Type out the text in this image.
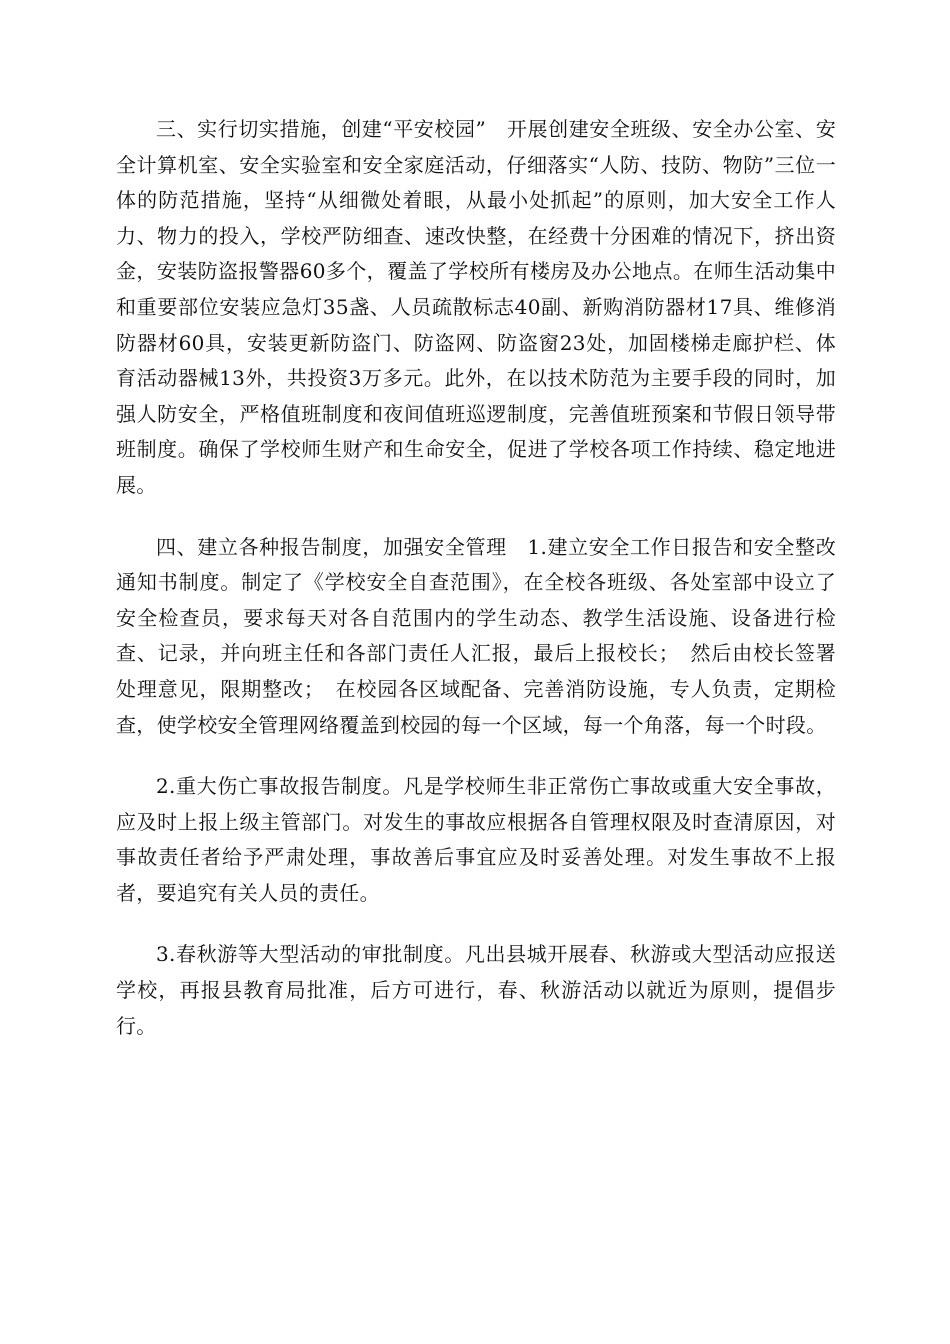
三、实行切实措施，创建“平安校园”　开展创建安全班级、安全办公室、安全计算机室、安全实验室和安全家庭活动，仔细落实“人防、技防、物防”三位一体的防范措施，坚持“从细微处着眼，从最小处抓起”的原则，加大安全工作人力、物力的投入，学校严防细查、速改快整，在经费十分困难的情况下，挤出资金，安装防盗报警器60多个，覆盖了学校所有楼房及办公地点。在师生活动集中和重要部位安装应急灯35盏、人员疏散标志40副、新购消防器材17具、维修消防器材60具，安装更新防盗门、防盗网、防盗窗23处，加固楼梯走廊护栏、体育活动器械13外，共投资3万多元。此外，在以技术防范为主要手段的同时，加强人防安全，严格值班制度和夜间值班巡逻制度，完善值班预案和节假日领导带班制度。确保了学校师生财产和生命安全，促进了学校各项工作持续、稳定地进展。

四、建立各种报告制度，加强安全管理　1.建立安全工作日报告和安全整改通知书制度。制定了《学校安全自查范围》，在全校各班级、各处室部中设立了安全检查员，要求每天对各自范围内的学生动态、教学生活设施、设备进行检查、记录，并向班主任和各部门责任人汇报，最后上报校长；　然后由校长签署处理意见，限期整改；　在校园各区域配备、完善消防设施，专人负责，定期检查，使学校安全管理网络覆盖到校园的每一个区域，每一个角落，每一个时段。

2.重大伤亡事故报告制度。凡是学校师生非正常伤亡事故或重大安全事故，应及时上报上级主管部门。对发生的事故应根据各自管理权限及时查清原因，对事故责任者给予严肃处理，事故善后事宜应及时妥善处理。对发生事故不上报者，要追究有关人员的责任。

3.春秋游等大型活动的审批制度。凡出县城开展春、秋游或大型活动应报送学校，再报县教育局批准，后方可进行，春、秋游活动以就近为原则，提倡步行。
